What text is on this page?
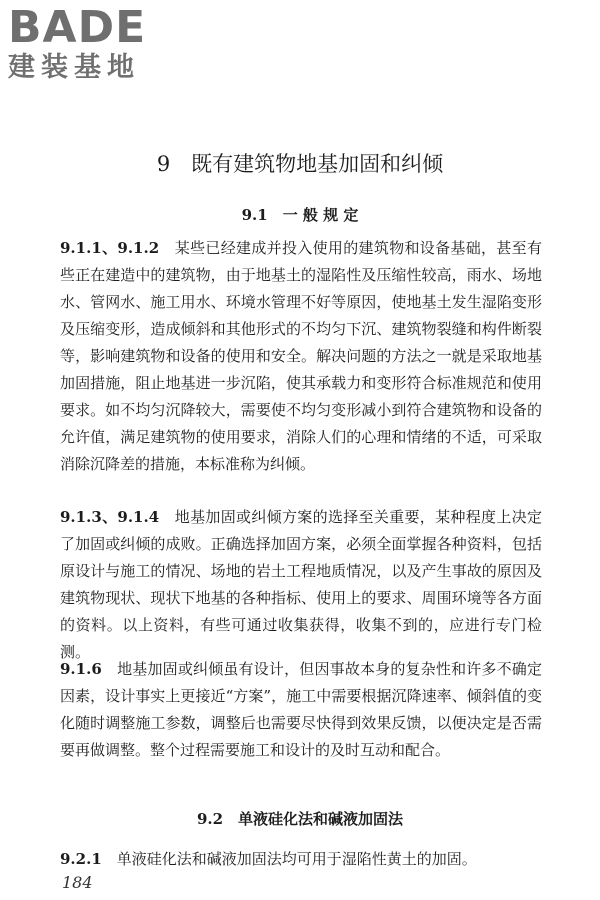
BADE
建装基地
9　既有建筑物地基加固和纠倾
9.1　一 般 规 定

9.1.1、9.1.2　 某些已经建成并投入使用的建筑物和设备基础，甚至有些正在建造中的建筑物，由于地基土的湿陷性及压缩性较高，雨水、场地水、管网水、施工用水、环境水管理不好等原因，使地基土发生湿陷变形及压缩变形，造成倾斜和其他形式的不均匀下沉、建筑物裂缝和构件断裂等，影响建筑物和设备的使用和安全。解决问题的方法之一就是采取地基加固措施，阻止地基进一步沉陷，使其承载力和变形符合标准规范和使用要求。如不均匀沉降较大，需要使不均匀变形减小到符合建筑物和设备的允许值，满足建筑物的使用要求，消除人们的心理和情绪的不适，可采取消除沉降差的措施，本标准称为纠倾。

9.1.3、9.1.4　 地基加固或纠倾方案的选择至关重要，某种程度上决定了加固或纠倾的成败。正确选择加固方案，必须全面掌握各种资料，包括原设计与施工的情况、场地的岩土工程地质情况，以及产生事故的原因及建筑物现状、现状下地基的各种指标、使用上的要求、周围环境等各方面的资料。以上资料，有些可通过收集获得，收集不到的，应进行专门检测。

9.1.6　 地基加固或纠倾虽有设计，但因事故本身的复杂性和许多不确定因素，设计事实上更接近“方案”，施工中需要根据沉降速率、倾斜值的变化随时调整施工参数，调整后也需要尽快得到效果反馈，以便决定是否需要再做调整。整个过程需要施工和设计的及时互动和配合。

9.2　单液硅化法和碱液加固法

9.2.1　 单液硅化法和碱液加固法均可用于湿陷性黄土的加固。

184
